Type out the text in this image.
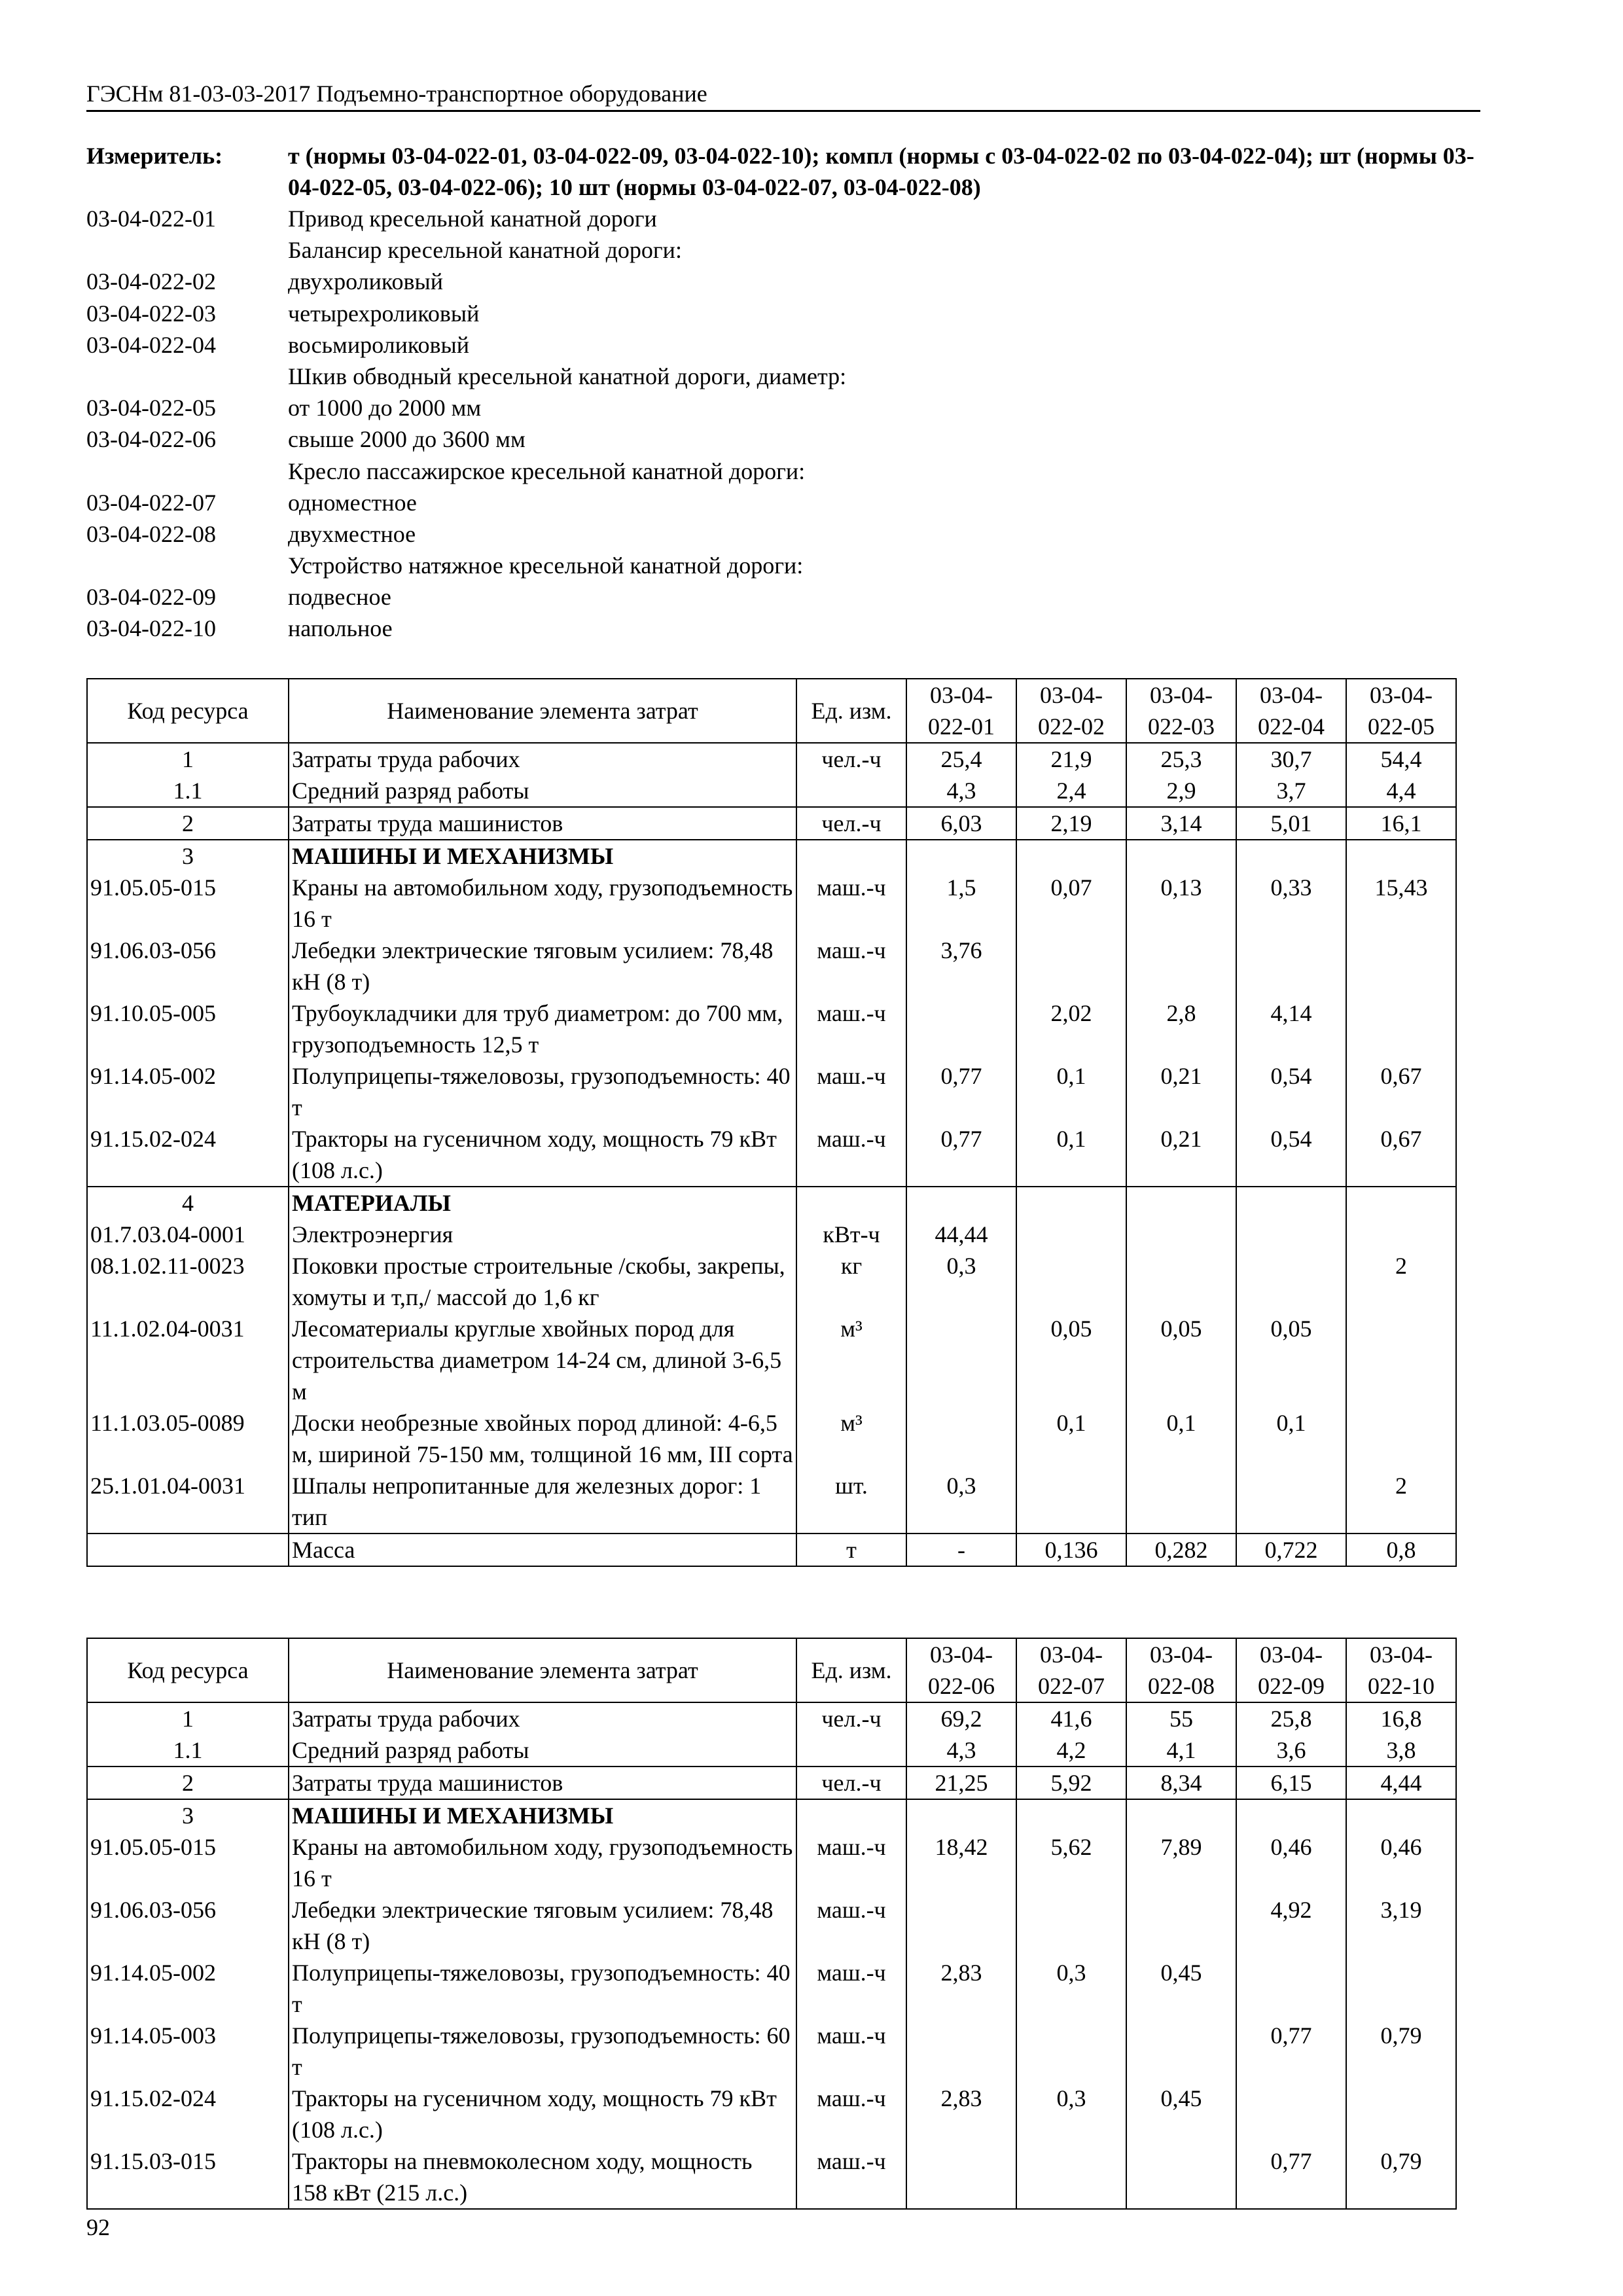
ГЭСНм 81-03-03-2017 Подъемно-транспортное оборудование
Измеритель:	т (нормы 03-04-022-01, 03-04-022-09, 03-04-022-10); компл (нормы с 03-04-022-02 по 03-04-022-04); шт (нормы 03-04-022-05, 03-04-022-06); 10 шт (нормы 03-04-022-07, 03-04-022-08)
03-04-022-01	Привод кресельной канатной дороги
Балансир кресельной канатной дороги:
03-04-022-02	двухроликовый
03-04-022-03	четырехроликовый
03-04-022-04	восьмироликовый
Шкив обводный кресельной канатной дороги, диаметр:
03-04-022-05	от 1000 до 2000 мм
03-04-022-06	свыше 2000 до 3600 мм
Кресло пассажирское кресельной канатной дороги:
03-04-022-07	одноместное
03-04-022-08	двухместное
Устройство натяжное кресельной канатной дороги:
03-04-022-09	подвесное
03-04-022-10	напольное
Код ресурса	Наименование элемента затрат	Ед. изм.	03-04-022-01	03-04-022-02	03-04-022-03	03-04-022-04	03-04-022-05
1	Затраты труда рабочих	чел.-ч	25,4	21,9	25,3	30,7	54,4
1.1	Средний разряд работы		4,3	2,4	2,9	3,7	4,4
2	Затраты труда машинистов	чел.-ч	6,03	2,19	3,14	5,01	16,1
3	МАШИНЫ И МЕХАНИЗМЫ						
91.05.05-015	Краны на автомобильном ходу, грузоподъемность 16 т	маш.-ч	1,5	0,07	0,13	0,33	15,43
91.06.03-056	Лебедки электрические тяговым усилием: 78,48 кН (8 т)	маш.-ч	3,76				
91.10.05-005	Трубоукладчики для труб диаметром: до 700 мм, грузоподъемность 12,5 т	маш.-ч		2,02	2,8	4,14	
91.14.05-002	Полуприцепы-тяжеловозы, грузоподъемность: 40 т	маш.-ч	0,77	0,1	0,21	0,54	0,67
91.15.02-024	Тракторы на гусеничном ходу, мощность 79 кВт (108 л.с.)	маш.-ч	0,77	0,1	0,21	0,54	0,67
4	МАТЕРИАЛЫ						
01.7.03.04-0001	Электроэнергия	кВт-ч	44,44				
08.1.02.11-0023	Поковки простые строительные /скобы, закрепы, хомуты и т,п,/ массой до 1,6 кг	кг	0,3				2
11.1.02.04-0031	Лесоматериалы круглые хвойных пород для строительства диаметром 14-24 см, длиной 3-6,5 м	м³		0,05	0,05	0,05	
11.1.03.05-0089	Доски необрезные хвойных пород длиной: 4-6,5 м, шириной 75-150 мм, толщиной 16 мм, III сорта	м³		0,1	0,1	0,1	
25.1.01.04-0031	Шпалы непропитанные для железных дорог: 1 тип	шт.	0,3				2
	Масса	т	-	0,136	0,282	0,722	0,8
Код ресурса	Наименование элемента затрат	Ед. изм.	03-04-022-06	03-04-022-07	03-04-022-08	03-04-022-09	03-04-022-10
1	Затраты труда рабочих	чел.-ч	69,2	41,6	55	25,8	16,8
1.1	Средний разряд работы		4,3	4,2	4,1	3,6	3,8
2	Затраты труда машинистов	чел.-ч	21,25	5,92	8,34	6,15	4,44
3	МАШИНЫ И МЕХАНИЗМЫ						
91.05.05-015	Краны на автомобильном ходу, грузоподъемность 16 т	маш.-ч	18,42	5,62	7,89	0,46	0,46
91.06.03-056	Лебедки электрические тяговым усилием: 78,48 кН (8 т)	маш.-ч				4,92	3,19
91.14.05-002	Полуприцепы-тяжеловозы, грузоподъемность: 40 т	маш.-ч	2,83	0,3	0,45		
91.14.05-003	Полуприцепы-тяжеловозы, грузоподъемность: 60 т	маш.-ч				0,77	0,79
91.15.02-024	Тракторы на гусеничном ходу, мощность 79 кВт (108 л.с.)	маш.-ч	2,83	0,3	0,45		
91.15.03-015	Тракторы на пневмоколесном ходу, мощность 158 кВт (215 л.с.)	маш.-ч				0,77	0,79
92
